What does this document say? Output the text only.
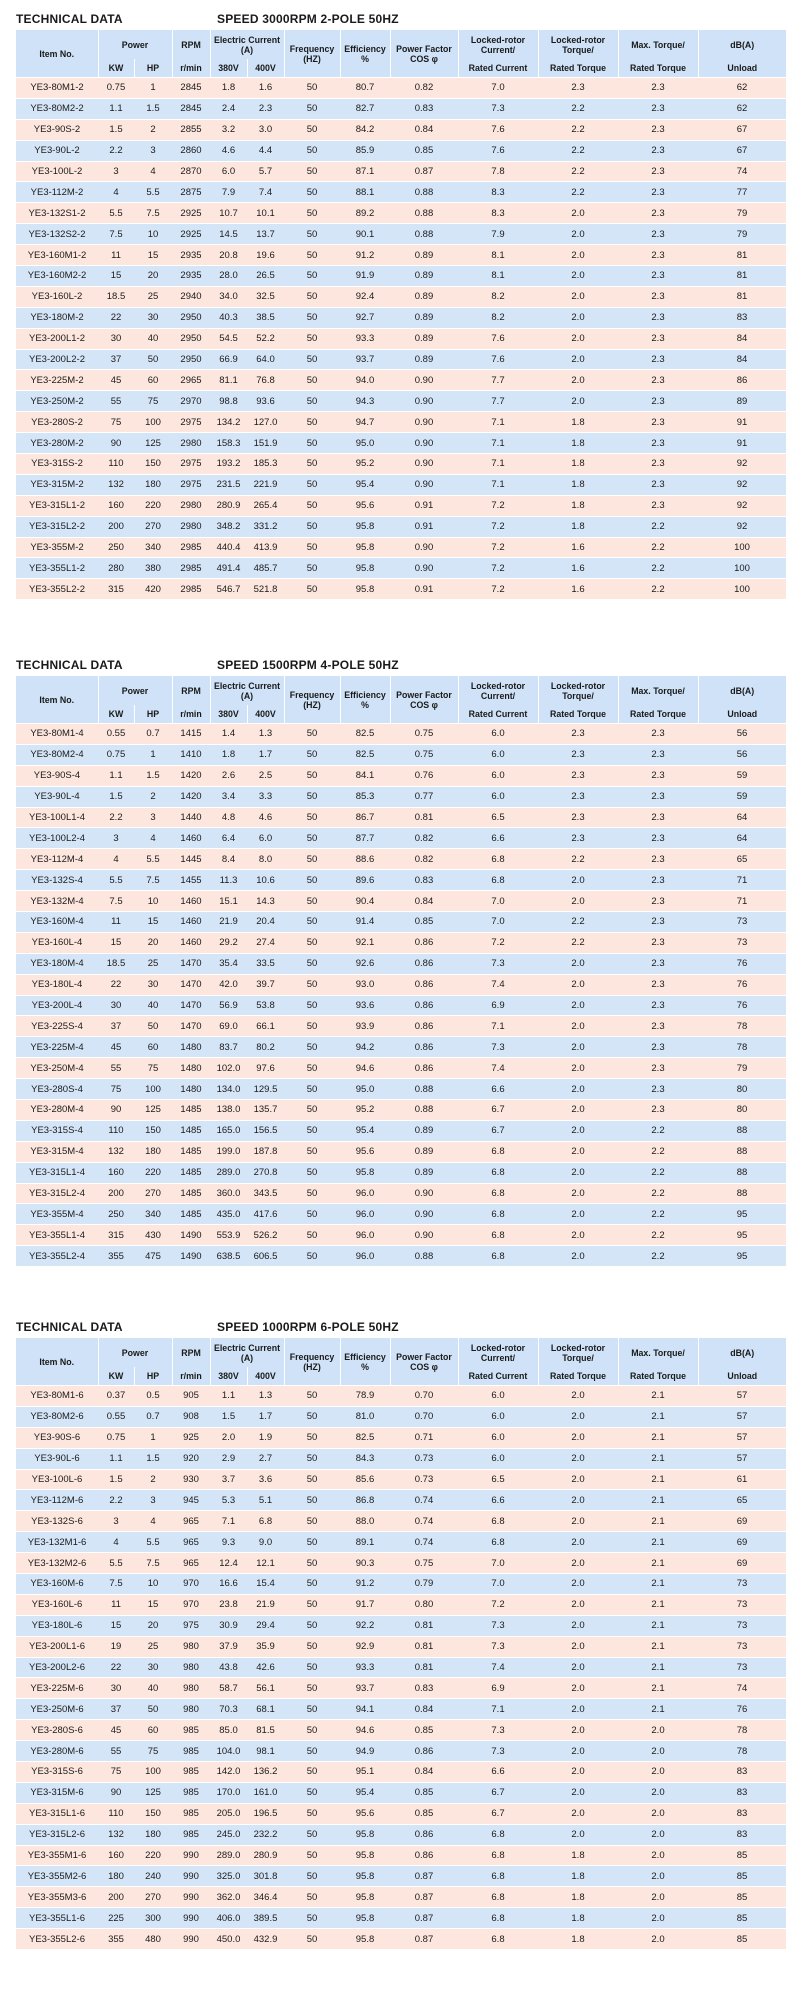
TECHNICAL DATA	SPEED 3000RPM 2-POLE 50HZ
Item No.	Power		RPM	Electric Current (A)		Frequency (HZ)	Efficiency %	Power Factor COS φ	Locked-rotor Current/	Locked-rotor Torque/	Max. Torque/	dB(A)
	KW	HP	r/min	380V	400V				Rated Current	Rated Torque	Rated Torque	Unload
YE3-80M1-2	0.75	1	2845	1.8	1.6	50	80.7	0.82	7.0	2.3	2.3	62
YE3-80M2-2	1.1	1.5	2845	2.4	2.3	50	82.7	0.83	7.3	2.2	2.3	62
YE3-90S-2	1.5	2	2855	3.2	3.0	50	84.2	0.84	7.6	2.2	2.3	67
YE3-90L-2	2.2	3	2860	4.6	4.4	50	85.9	0.85	7.6	2.2	2.3	67
YE3-100L-2	3	4	2870	6.0	5.7	50	87.1	0.87	7.8	2.2	2.3	74
YE3-112M-2	4	5.5	2875	7.9	7.4	50	88.1	0.88	8.3	2.2	2.3	77
YE3-132S1-2	5.5	7.5	2925	10.7	10.1	50	89.2	0.88	8.3	2.0	2.3	79
YE3-132S2-2	7.5	10	2925	14.5	13.7	50	90.1	0.88	7.9	2.0	2.3	79
YE3-160M1-2	11	15	2935	20.8	19.6	50	91.2	0.89	8.1	2.0	2.3	81
YE3-160M2-2	15	20	2935	28.0	26.5	50	91.9	0.89	8.1	2.0	2.3	81
YE3-160L-2	18.5	25	2940	34.0	32.5	50	92.4	0.89	8.2	2.0	2.3	81
YE3-180M-2	22	30	2950	40.3	38.5	50	92.7	0.89	8.2	2.0	2.3	83
YE3-200L1-2	30	40	2950	54.5	52.2	50	93.3	0.89	7.6	2.0	2.3	84
YE3-200L2-2	37	50	2950	66.9	64.0	50	93.7	0.89	7.6	2.0	2.3	84
YE3-225M-2	45	60	2965	81.1	76.8	50	94.0	0.90	7.7	2.0	2.3	86
YE3-250M-2	55	75	2970	98.8	93.6	50	94.3	0.90	7.7	2.0	2.3	89
YE3-280S-2	75	100	2975	134.2	127.0	50	94.7	0.90	7.1	1.8	2.3	91
YE3-280M-2	90	125	2980	158.3	151.9	50	95.0	0.90	7.1	1.8	2.3	91
YE3-315S-2	110	150	2975	193.2	185.3	50	95.2	0.90	7.1	1.8	2.3	92
YE3-315M-2	132	180	2975	231.5	221.9	50	95.4	0.90	7.1	1.8	2.3	92
YE3-315L1-2	160	220	2980	280.9	265.4	50	95.6	0.91	7.2	1.8	2.3	92
YE3-315L2-2	200	270	2980	348.2	331.2	50	95.8	0.91	7.2	1.8	2.2	92
YE3-355M-2	250	340	2985	440.4	413.9	50	95.8	0.90	7.2	1.6	2.2	100
YE3-355L1-2	280	380	2985	491.4	485.7	50	95.8	0.90	7.2	1.6	2.2	100
YE3-355L2-2	315	420	2985	546.7	521.8	50	95.8	0.91	7.2	1.6	2.2	100
TECHNICAL DATA	SPEED 1500RPM 4-POLE 50HZ
Item No.	Power		RPM	Electric Current (A)		Frequency (HZ)	Efficiency %	Power Factor COS φ	Locked-rotor Current/	Locked-rotor Torque/	Max. Torque/	dB(A)
	KW	HP	r/min	380V	400V				Rated Current	Rated Torque	Rated Torque	Unload
YE3-80M1-4	0.55	0.7	1415	1.4	1.3	50	82.5	0.75	6.0	2.3	2.3	56
YE3-80M2-4	0.75	1	1410	1.8	1.7	50	82.5	0.75	6.0	2.3	2.3	56
YE3-90S-4	1.1	1.5	1420	2.6	2.5	50	84.1	0.76	6.0	2.3	2.3	59
YE3-90L-4	1.5	2	1420	3.4	3.3	50	85.3	0.77	6.0	2.3	2.3	59
YE3-100L1-4	2.2	3	1440	4.8	4.6	50	86.7	0.81	6.5	2.3	2.3	64
YE3-100L2-4	3	4	1460	6.4	6.0	50	87.7	0.82	6.6	2.3	2.3	64
YE3-112M-4	4	5.5	1445	8.4	8.0	50	88.6	0.82	6.8	2.2	2.3	65
YE3-132S-4	5.5	7.5	1455	11.3	10.6	50	89.6	0.83	6.8	2.0	2.3	71
YE3-132M-4	7.5	10	1460	15.1	14.3	50	90.4	0.84	7.0	2.0	2.3	71
YE3-160M-4	11	15	1460	21.9	20.4	50	91.4	0.85	7.0	2.2	2.3	73
YE3-160L-4	15	20	1460	29.2	27.4	50	92.1	0.86	7.2	2.2	2.3	73
YE3-180M-4	18.5	25	1470	35.4	33.5	50	92.6	0.86	7.3	2.0	2.3	76
YE3-180L-4	22	30	1470	42.0	39.7	50	93.0	0.86	7.4	2.0	2.3	76
YE3-200L-4	30	40	1470	56.9	53.8	50	93.6	0.86	6.9	2.0	2.3	76
YE3-225S-4	37	50	1470	69.0	66.1	50	93.9	0.86	7.1	2.0	2.3	78
YE3-225M-4	45	60	1480	83.7	80.2	50	94.2	0.86	7.3	2.0	2.3	78
YE3-250M-4	55	75	1480	102.0	97.6	50	94.6	0.86	7.4	2.0	2.3	79
YE3-280S-4	75	100	1480	134.0	129.5	50	95.0	0.88	6.6	2.0	2.3	80
YE3-280M-4	90	125	1485	138.0	135.7	50	95.2	0.88	6.7	2.0	2.3	80
YE3-315S-4	110	150	1485	165.0	156.5	50	95.4	0.89	6.7	2.0	2.2	88
YE3-315M-4	132	180	1485	199.0	187.8	50	95.6	0.89	6.8	2.0	2.2	88
YE3-315L1-4	160	220	1485	289.0	270.8	50	95.8	0.89	6.8	2.0	2.2	88
YE3-315L2-4	200	270	1485	360.0	343.5	50	96.0	0.90	6.8	2.0	2.2	88
YE3-355M-4	250	340	1485	435.0	417.6	50	96.0	0.90	6.8	2.0	2.2	95
YE3-355L1-4	315	430	1490	553.9	526.2	50	96.0	0.90	6.8	2.0	2.2	95
YE3-355L2-4	355	475	1490	638.5	606.5	50	96.0	0.88	6.8	2.0	2.2	95
TECHNICAL DATA	SPEED 1000RPM 6-POLE 50HZ
Item No.	Power		RPM	Electric Current (A)		Frequency (HZ)	Efficiency %	Power Factor COS φ	Locked-rotor Current/	Locked-rotor Torque/	Max. Torque/	dB(A)
	KW	HP	r/min	380V	400V				Rated Current	Rated Torque	Rated Torque	Unload
YE3-80M1-6	0.37	0.5	905	1.1	1.3	50	78.9	0.70	6.0	2.0	2.1	57
YE3-80M2-6	0.55	0.7	908	1.5	1.7	50	81.0	0.70	6.0	2.0	2.1	57
YE3-90S-6	0.75	1	925	2.0	1.9	50	82.5	0.71	6.0	2.0	2.1	57
YE3-90L-6	1.1	1.5	920	2.9	2.7	50	84.3	0.73	6.0	2.0	2.1	57
YE3-100L-6	1.5	2	930	3.7	3.6	50	85.6	0.73	6.5	2.0	2.1	61
YE3-112M-6	2.2	3	945	5.3	5.1	50	86.8	0.74	6.6	2.0	2.1	65
YE3-132S-6	3	4	965	7.1	6.8	50	88.0	0.74	6.8	2.0	2.1	69
YE3-132M1-6	4	5.5	965	9.3	9.0	50	89.1	0.74	6.8	2.0	2.1	69
YE3-132M2-6	5.5	7.5	965	12.4	12.1	50	90.3	0.75	7.0	2.0	2.1	69
YE3-160M-6	7.5	10	970	16.6	15.4	50	91.2	0.79	7.0	2.0	2.1	73
YE3-160L-6	11	15	970	23.8	21.9	50	91.7	0.80	7.2	2.0	2.1	73
YE3-180L-6	15	20	975	30.9	29.4	50	92.2	0.81	7.3	2.0	2.1	73
YE3-200L1-6	19	25	980	37.9	35.9	50	92.9	0.81	7.3	2.0	2.1	73
YE3-200L2-6	22	30	980	43.8	42.6	50	93.3	0.81	7.4	2.0	2.1	73
YE3-225M-6	30	40	980	58.7	56.1	50	93.7	0.83	6.9	2.0	2.1	74
YE3-250M-6	37	50	980	70.3	68.1	50	94.1	0.84	7.1	2.0	2.1	76
YE3-280S-6	45	60	985	85.0	81.5	50	94.6	0.85	7.3	2.0	2.0	78
YE3-280M-6	55	75	985	104.0	98.1	50	94.9	0.86	7.3	2.0	2.0	78
YE3-315S-6	75	100	985	142.0	136.2	50	95.1	0.84	6.6	2.0	2.0	83
YE3-315M-6	90	125	985	170.0	161.0	50	95.4	0.85	6.7	2.0	2.0	83
YE3-315L1-6	110	150	985	205.0	196.5	50	95.6	0.85	6.7	2.0	2.0	83
YE3-315L2-6	132	180	985	245.0	232.2	50	95.8	0.86	6.8	2.0	2.0	83
YE3-355M1-6	160	220	990	289.0	280.9	50	95.8	0.86	6.8	1.8	2.0	85
YE3-355M2-6	180	240	990	325.0	301.8	50	95.8	0.87	6.8	1.8	2.0	85
YE3-355M3-6	200	270	990	362.0	346.4	50	95.8	0.87	6.8	1.8	2.0	85
YE3-355L1-6	225	300	990	406.0	389.5	50	95.8	0.87	6.8	1.8	2.0	85
YE3-355L2-6	355	480	990	450.0	432.9	50	95.8	0.87	6.8	1.8	2.0	85
